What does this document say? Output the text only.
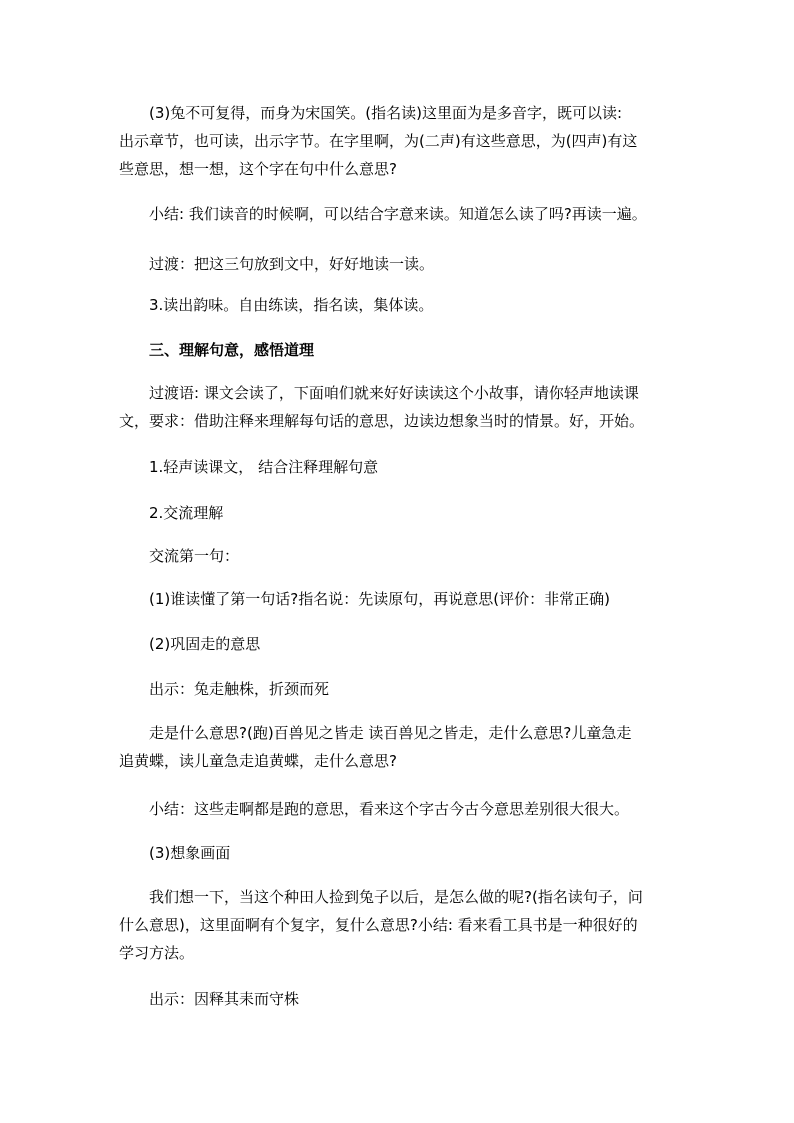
(3)兔不可复得，而身为宋国笑。(指名读)这里面为是多音字，既可以读:
出示章节，也可读，出示字节。在字里啊，为(二声)有这些意思，为(四声)有这
些意思，想一想，这个字在句中什么意思?
小结: 我们读音的时候啊，可以结合字意来读。知道怎么读了吗?再读一遍。
过渡：把这三句放到文中，好好地读一读。
3.读出韵味。自由练读，指名读，集体读。
三、理解句意，感悟道理
过渡语: 课文会读了，下面咱们就来好好读读这个小故事，请你轻声地读课
文，要求：借助注释来理解每句话的意思，边读边想象当时的情景。好，开始。
1.轻声读课文， 结合注释理解句意
2.交流理解
交流第一句：
(1)谁读懂了第一句话?指名说：先读原句，再说意思(评价：非常正确)
(2)巩固走的意思
出示：兔走触株，折颈而死
走是什么意思?(跑)百兽见之皆走 读百兽见之皆走，走什么意思?儿童急走
追黄蝶，读儿童急走追黄蝶，走什么意思?
小结：这些走啊都是跑的意思，看来这个字古今古今意思差别很大很大。
(3)想象画面
我们想一下，当这个种田人捡到兔子以后，是怎么做的呢?(指名读句子，问
什么意思)，这里面啊有个复字，复什么意思?小结: 看来看工具书是一种很好的
学习方法。
出示：因释其耒而守株
